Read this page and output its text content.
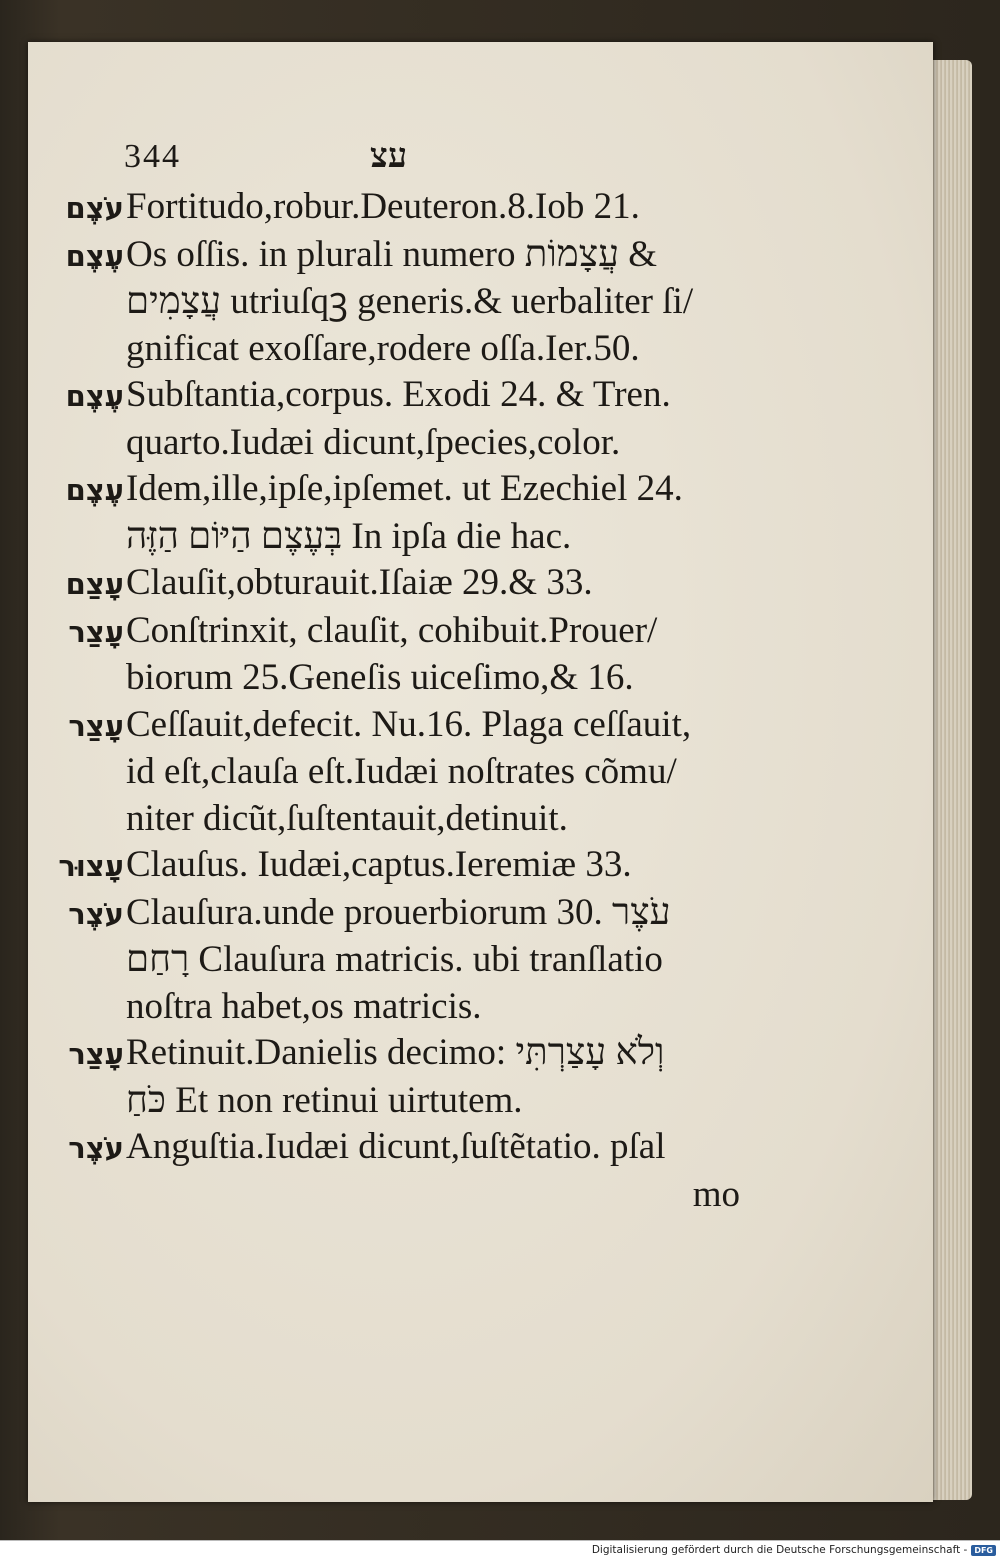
344	עצ
עֹצֶם Fortitudo,robur.Deuteron.8.Iob 21.
עֶצֶם Os oſſis. in plurali numero עֲצָמוֹת &
עֲצָמִים utriuſqꝫ generis.& uerbaliter ſi/
gnificat exoſſare,rodere oſſa.Ier.50.
עֶצֶם Subſtantia,corpus. Exodi 24. & Tren.
quarto.Iudæi dicunt,ſpecies,color.
עֶצֶם Idem,ille,ipſe,ipſemet. ut Ezechiel 24.
בְּעֶצֶם הַיּוֹם הַזֶּה In ipſa die hac.
עָצַם Clauſit,obturauit.Iſaiæ 29.& 33.
עָצַר Conſtrinxit, clauſit, cohibuit.Prouer/
biorum 25.Geneſis uiceſimo,& 16.
עָצַר Ceſſauit,defecit. Nu.16. Plaga ceſſauit,
id eſt,clauſa eſt.Iudæi noſtrates cõmu/
niter dicũt,ſuſtentauit,detinuit.
עָצוּר Clauſus. Iudæi,captus.Ieremiæ 33.
עֹצֶר Clauſura.unde prouerbiorum 30. עֹצֶר
רָחַם Clauſura matricis. ubi tranſlatio
noſtra habet,os matricis.
עָצַר Retinuit.Danielis decimo: וְלֹא עָצַרְתִּי
כֹּחַ Et non retinui uirtutem.
עֹצֶר Anguſtia.Iudæi dicunt,ſuſtẽtatio. pſal
mo
Digitalisierung gefördert durch die Deutsche Forschungsgemeinschaft - DFG
